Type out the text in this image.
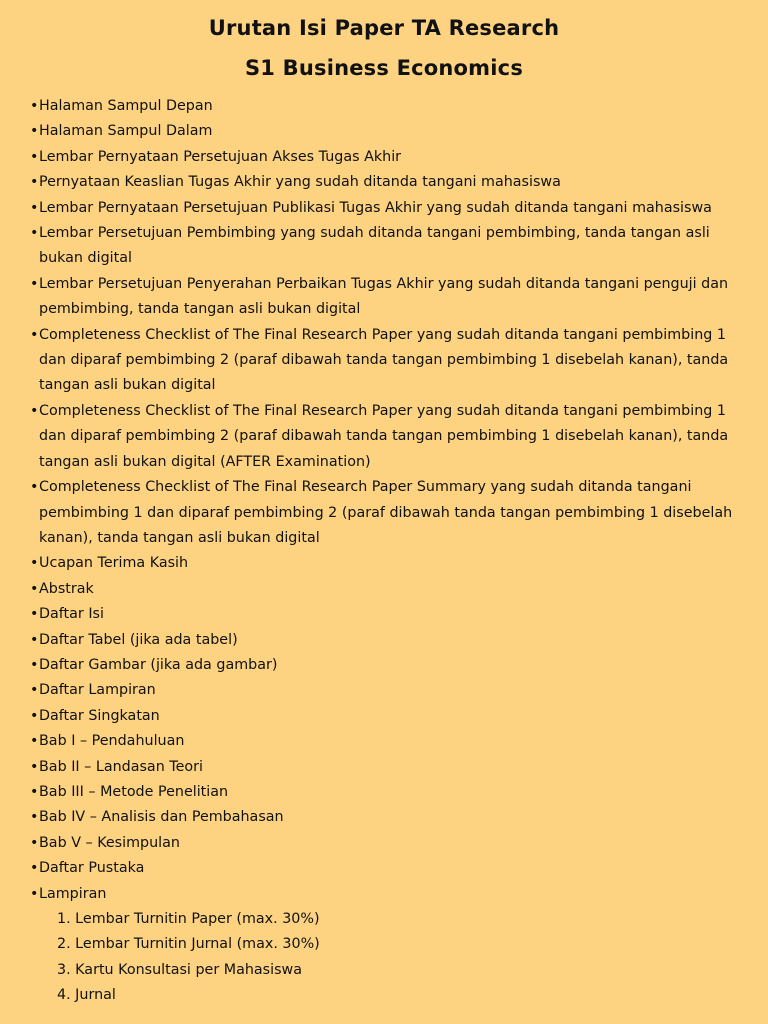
Urutan Isi Paper TA Research
S1 Business Economics
• Halaman Sampul Depan
• Halaman Sampul Dalam
• Lembar Pernyataan Persetujuan Akses Tugas Akhir
• Pernyataan Keaslian Tugas Akhir yang sudah ditanda tangani mahasiswa
• Lembar Pernyataan Persetujuan Publikasi Tugas Akhir yang sudah ditanda tangani mahasiswa
• Lembar Persetujuan Pembimbing yang sudah ditanda tangani pembimbing, tanda tangan asli bukan digital
• Lembar Persetujuan Penyerahan Perbaikan Tugas Akhir yang sudah ditanda tangani penguji dan pembimbing, tanda tangan asli bukan digital
• Completeness Checklist of The Final Research Paper yang sudah ditanda tangani pembimbing 1 dan diparaf pembimbing 2 (paraf dibawah tanda tangan pembimbing 1 disebelah kanan), tanda tangan asli bukan digital
• Completeness Checklist of The Final Research Paper yang sudah ditanda tangani pembimbing 1 dan diparaf pembimbing 2 (paraf dibawah tanda tangan pembimbing 1 disebelah kanan), tanda tangan asli bukan digital (AFTER Examination)
• Completeness Checklist of The Final Research Paper Summary yang sudah ditanda tangani pembimbing 1 dan diparaf pembimbing 2 (paraf dibawah tanda tangan pembimbing 1 disebelah kanan), tanda tangan asli bukan digital
• Ucapan Terima Kasih
• Abstrak
• Daftar Isi
• Daftar Tabel (jika ada tabel)
• Daftar Gambar (jika ada gambar)
• Daftar Lampiran
• Daftar Singkatan
• Bab I – Pendahuluan
• Bab II – Landasan Teori
• Bab III – Metode Penelitian
• Bab IV – Analisis dan Pembahasan
• Bab V – Kesimpulan
• Daftar Pustaka
• Lampiran
1. Lembar Turnitin Paper (max. 30%)
2. Lembar Turnitin Jurnal (max. 30%)
3. Kartu Konsultasi per Mahasiswa
4. Jurnal
